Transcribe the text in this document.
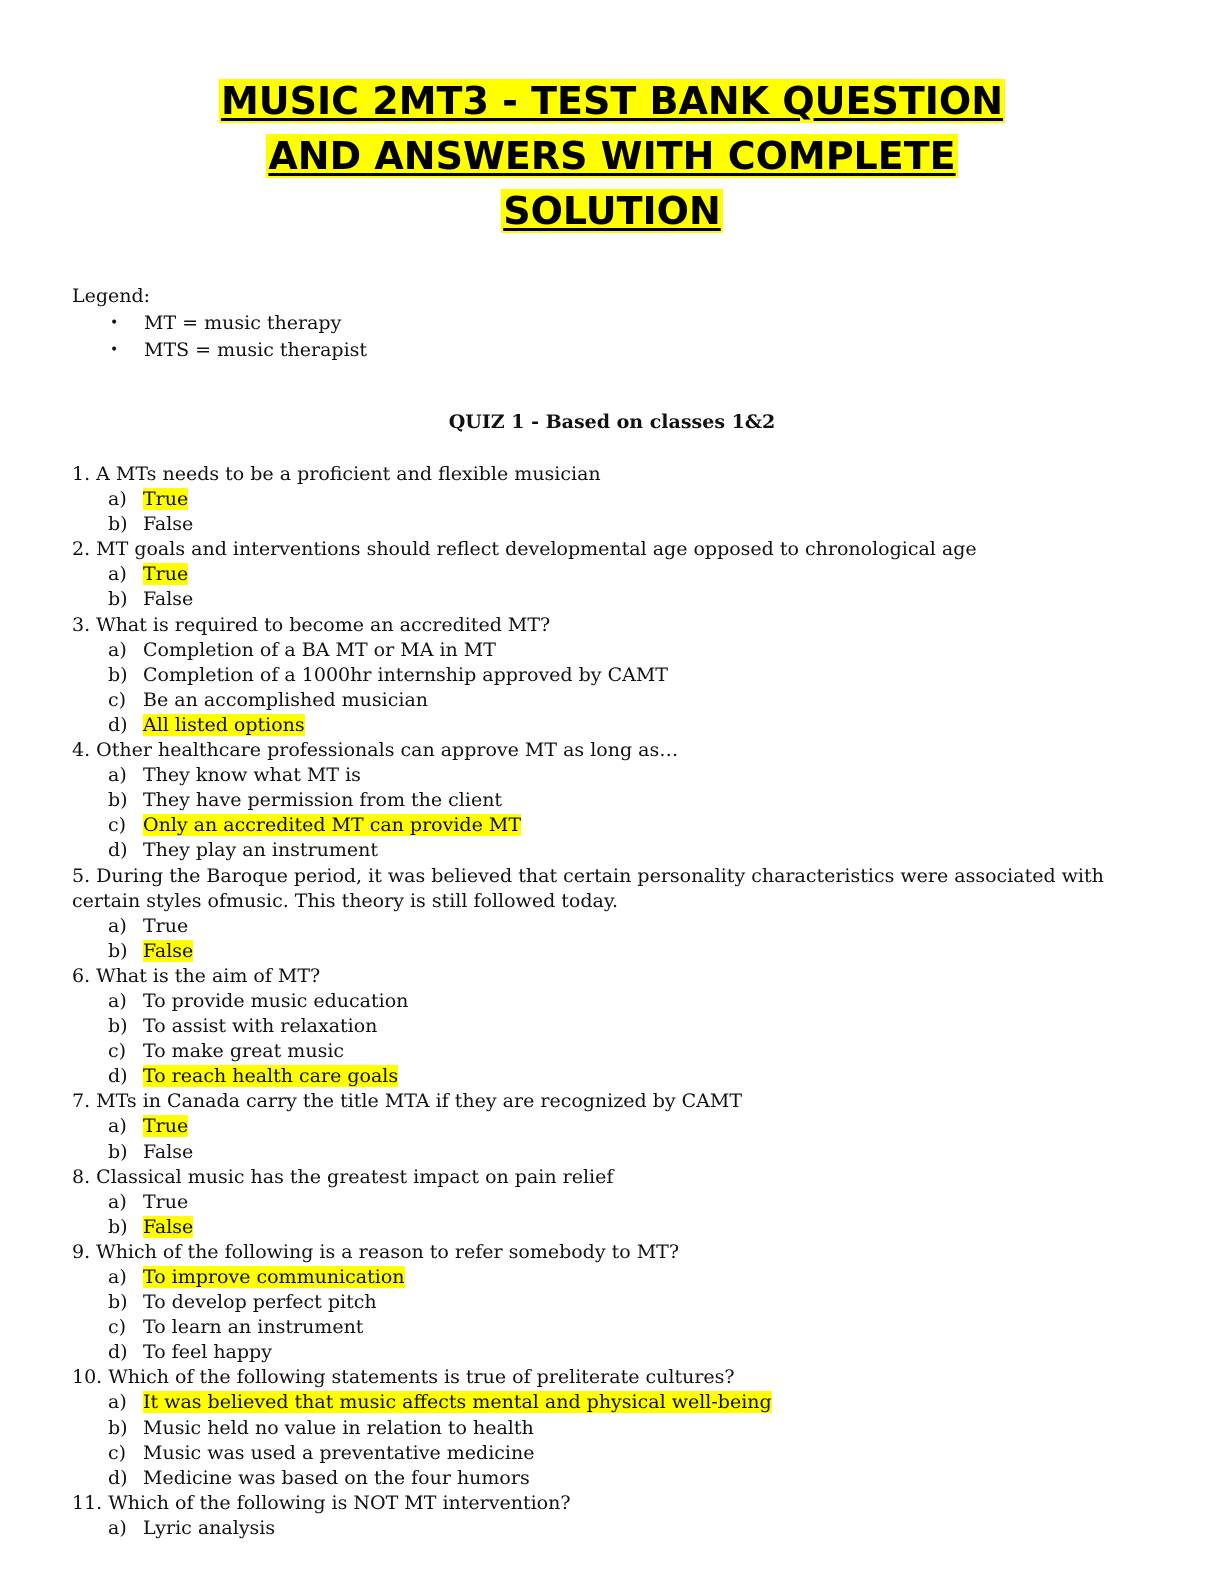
MUSIC 2MT3 - TEST BANK QUESTION
AND ANSWERS WITH COMPLETE
SOLUTION
Legend:
• MT = music therapy
• MTS = music therapist
QUIZ 1 - Based on classes 1&2
1. A MTs needs to be a proficient and flexible musician
a) True
b) False
2. MT goals and interventions should reflect developmental age opposed to chronological age
a) True
b) False
3. What is required to become an accredited MT?
a) Completion of a BA MT or MA in MT
b) Completion of a 1000hr internship approved by CAMT
c) Be an accomplished musician
d) All listed options
4. Other healthcare professionals can approve MT as long as…
a) They know what MT is
b) They have permission from the client
c) Only an accredited MT can provide MT
d) They play an instrument
5. During the Baroque period, it was believed that certain personality characteristics were associated with certain styles ofmusic. This theory is still followed today.
a) True
b) False
6. What is the aim of MT?
a) To provide music education
b) To assist with relaxation
c) To make great music
d) To reach health care goals
7. MTs in Canada carry the title MTA if they are recognized by CAMT
a) True
b) False
8. Classical music has the greatest impact on pain relief
a) True
b) False
9. Which of the following is a reason to refer somebody to MT?
a) To improve communication
b) To develop perfect pitch
c) To learn an instrument
d) To feel happy
10. Which of the following statements is true of preliterate cultures?
a) It was believed that music affects mental and physical well-being
b) Music held no value in relation to health
c) Music was used a preventative medicine
d) Medicine was based on the four humors
11. Which of the following is NOT MT intervention?
a) Lyric analysis
